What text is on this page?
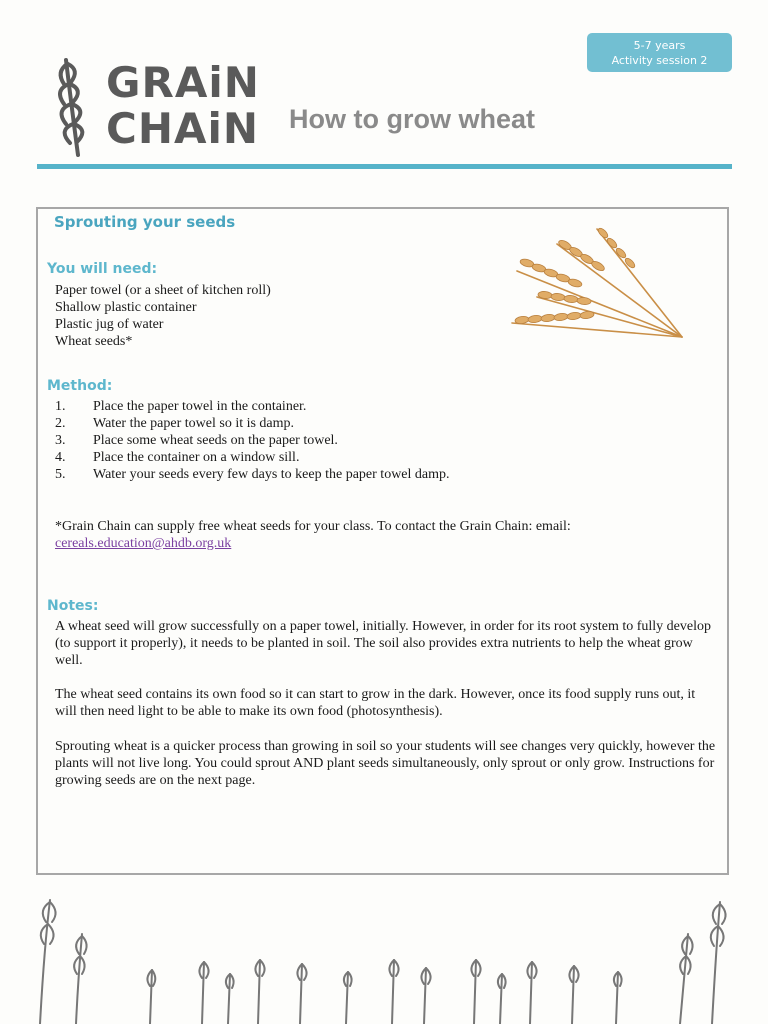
GRAiN
CHAiN How to grow wheat
5-7 years
Activity session 2
Sprouting your seeds
You will need:
Paper towel (or a sheet of kitchen roll)
Shallow plastic container
Plastic jug of water
Wheat seeds*
Method:
1.	Place the paper towel in the container.
2.	Water the paper towel so it is damp.
3.	Place some wheat seeds on the paper towel.
4.	Place the container on a window sill.
5.	Water your seeds every few days to keep the paper towel damp.

*Grain Chain can supply free wheat seeds for your class. To contact the Grain Chain: email:
cereals.education@ahdb.org.uk

Notes:

A wheat seed will grow successfully on a paper towel, initially. However, in order for its root system to fully develop (to support it properly), it needs to be planted in soil. The soil also provides extra nutrients to help the wheat grow well.

The wheat seed contains its own food so it can start to grow in the dark. However, once its food supply runs out, it will then need light to be able to make its own food (photosynthesis).

Sprouting wheat is a quicker process than growing in soil so your students will see changes very quickly, however the plants will not live long. You could sprout AND plant seeds simultaneously, only sprout or only grow. Instructions for growing seeds are on the next page.
